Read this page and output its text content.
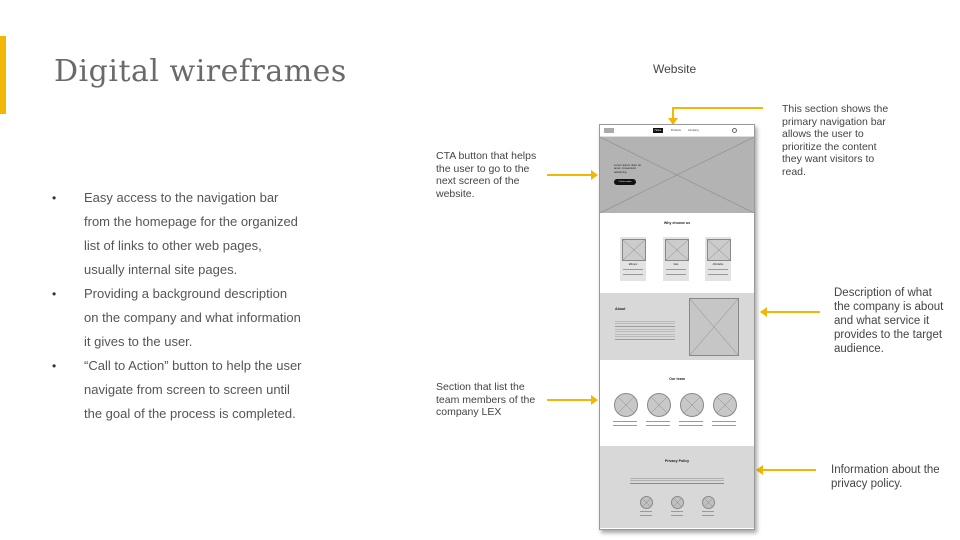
Digital wireframes
• Easy access to the navigation bar from the homepage for the organized list of links to other web pages, usually internal site pages.
• Providing a background description on the company and what information it gives to the user.
• “Call to Action” button to help the user navigate from screen to screen until the goal of the process is completed.
Website
This section shows the primary navigation bar allows the user to prioritize the content they want visitors to read.
CTA button that helps the user to go to the next screen of the website.
Description of what the company is about and what service it provides to the target audience.
Section that list the team members of the company LEX
Information about the privacy policy.
Home	Products	Company
Lorem ipsum dolor sit amet, consectetur adipiscing
Call to action
Why choose us
Efficient	Safe	Affordable
About
Our team
Privacy Policy
